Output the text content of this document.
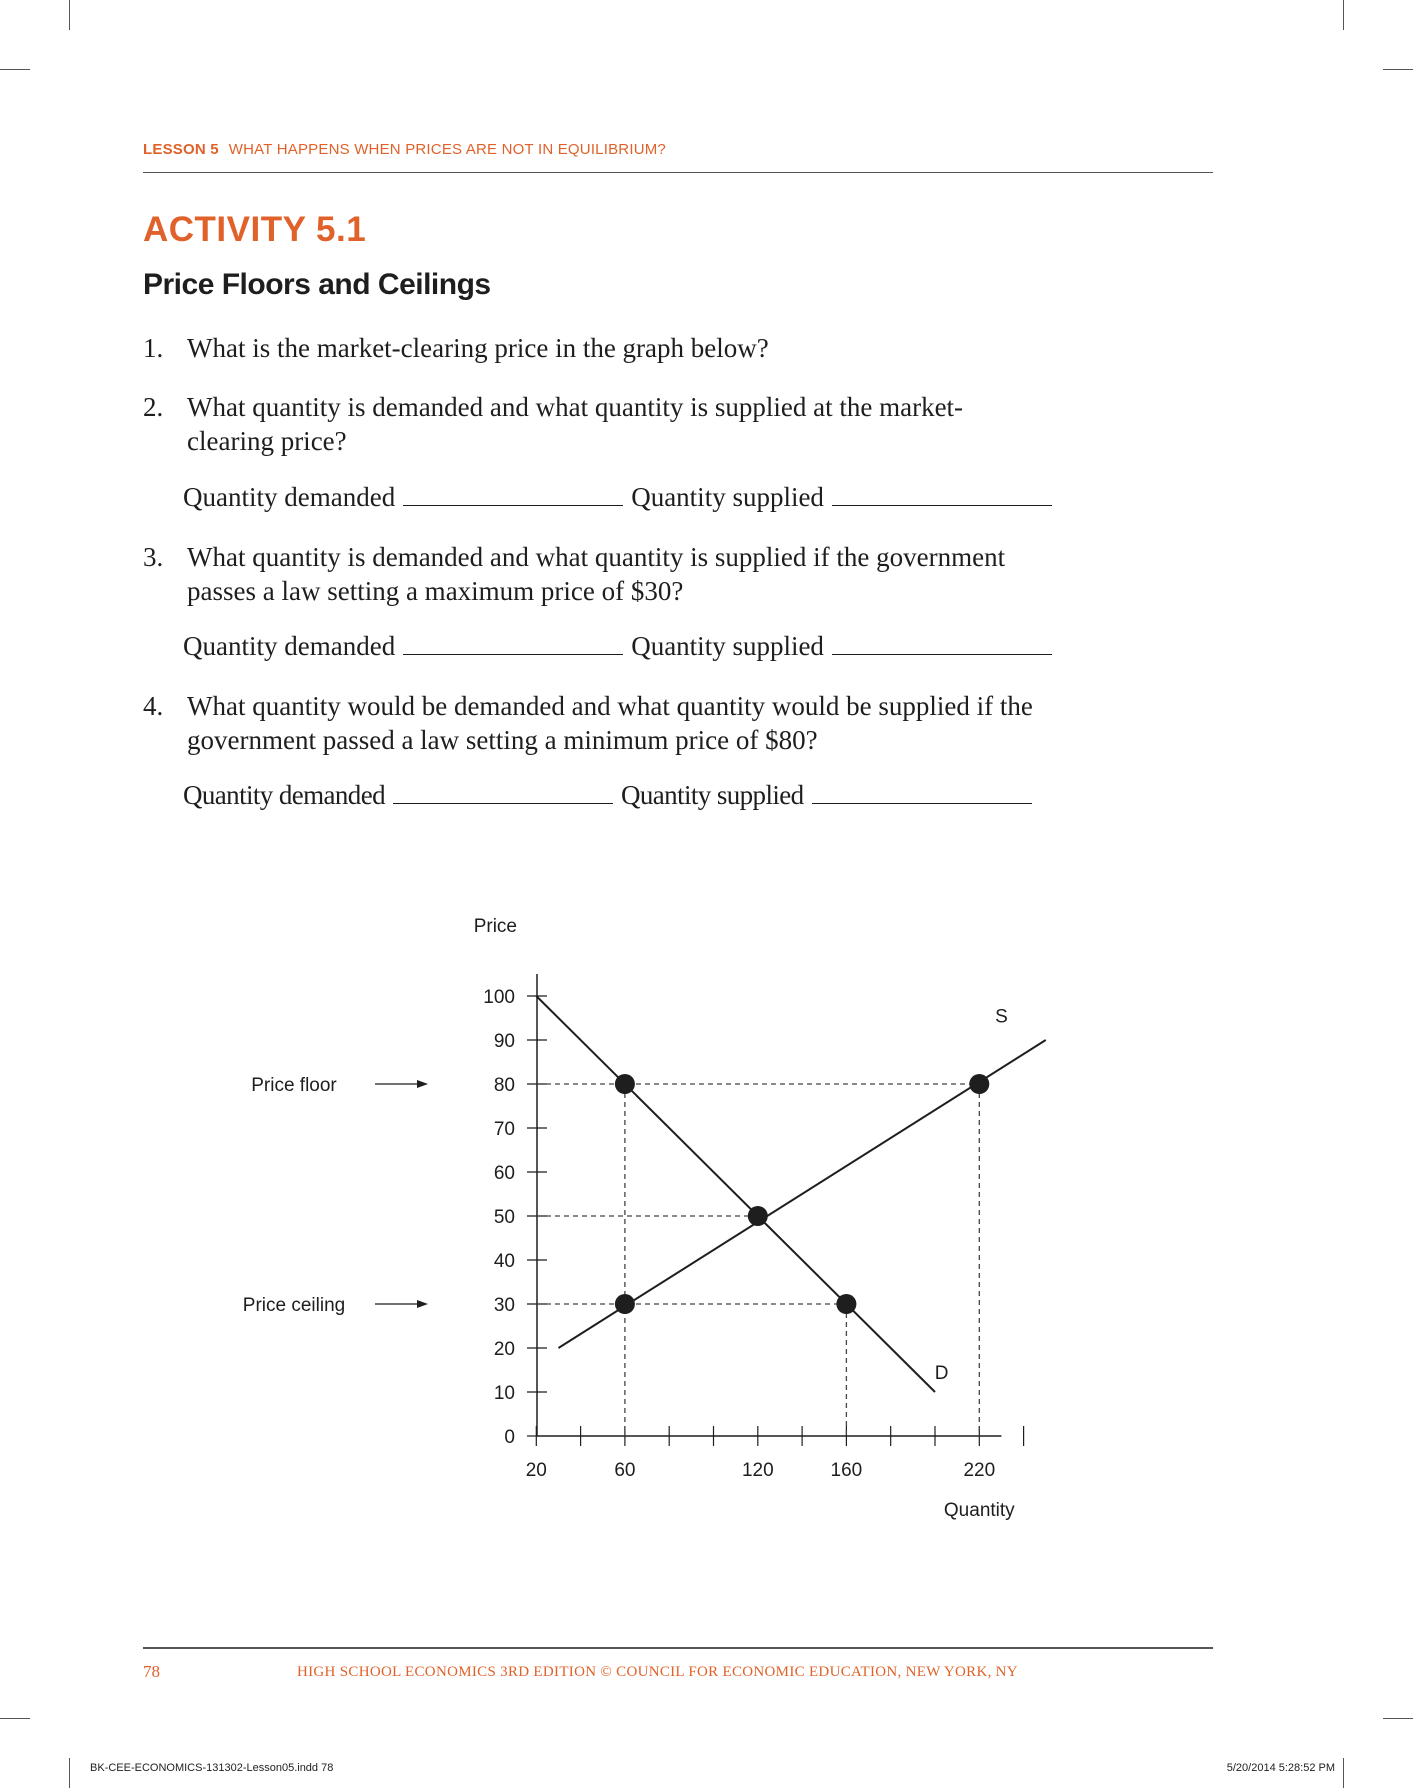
LESSON 5 WHAT HAPPENS WHEN PRICES ARE NOT IN EQUILIBRIUM?
ACTIVITY 5.1
Price Floors and Ceilings
1. What is the market-clearing price in the graph below?
2. What quantity is demanded and what quantity is supplied at the market-
clearing price?
Quantity demanded	Quantity supplied
3. What quantity is demanded and what quantity is supplied if the government
passes a law setting a maximum price of $30?
Quantity demanded	Quantity supplied
4. What quantity would be demanded and what quantity would be supplied if the
government passed a law setting a minimum price of $80?
Quantity demanded	Quantity supplied
Price
Quantity
0
10
20
30
40
50
60
70
80
90
100
20	60	120	160	220
D
S
Price floor
Price ceiling
78	HIGH SCHOOL ECONOMICS 3RD EDITION © COUNCIL FOR ECONOMIC EDUCATION, NEW YORK, NY
BK-CEE-ECONOMICS-131302-Lesson05.indd 78	5/20/2014 5:28:52 PM
